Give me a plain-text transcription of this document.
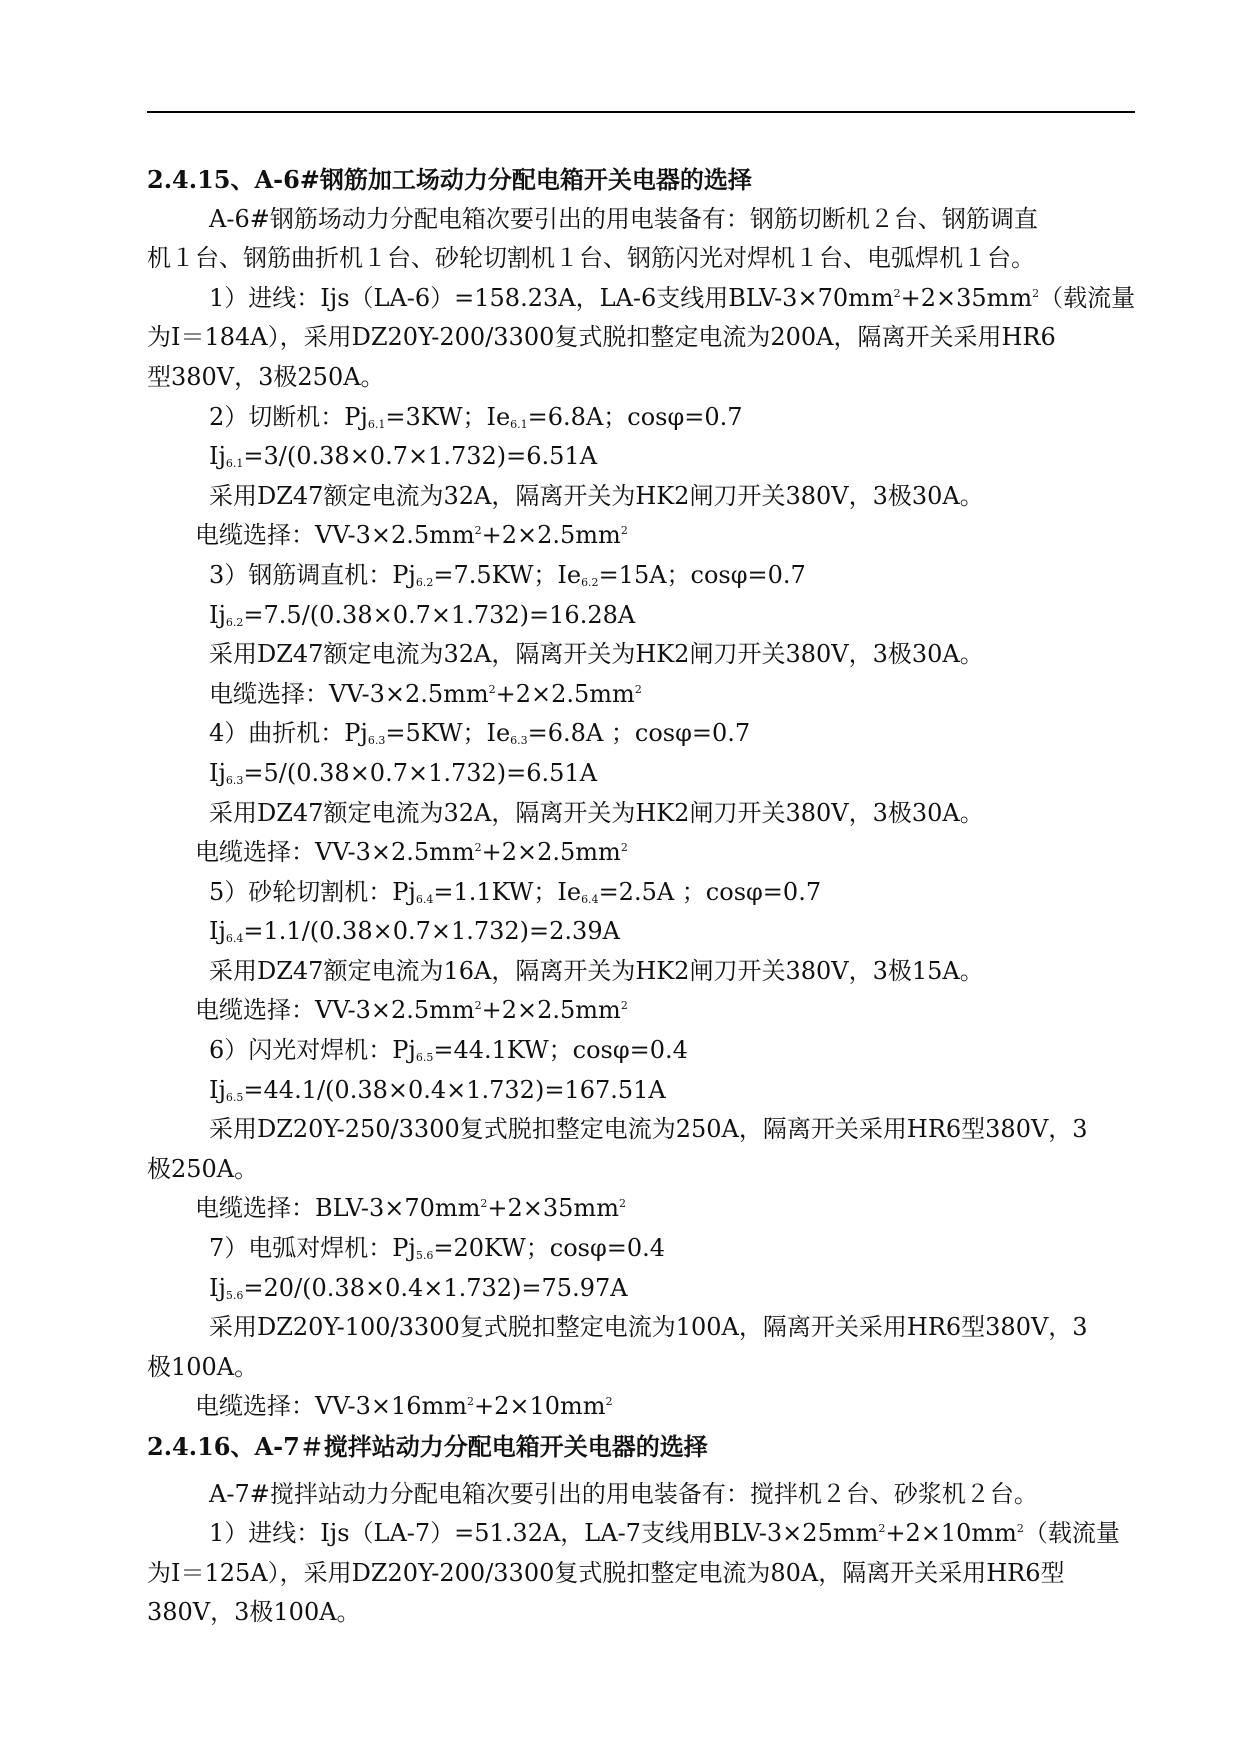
2.4.15、A-6#钢筋加工场动力分配电箱开关电器的选择
A-6#钢筋场动力分配电箱次要引出的用电装备有：钢筋切断机２台、钢筋调直
机１台、钢筋曲折机１台、砂轮切割机１台、钢筋闪光对焊机１台、电弧焊机１台。
1）进线：Ijs（LA-6）=158.23A，LA-6支线用BLV-$3\times 70mm^2+2\times 35mm^2$（载流量
为I＝184A），采用DZ20Y-200/3300复式脱扣整定电流为200A，隔离开关采用HR6
型380V，3极250A。
2）切断机：$Pj_{6.1}=3KW$；$Ie_{6.1}=6.8A$；cosφ=0.7
$Ij_{6.1}=3/(0.38\times 0.7\times 1.732)=6.51A$
采用DZ47额定电流为32A，隔离开关为HK2闸刀开关380V，3极30A。
电缆选择：$VV-3\times 2.5mm^2+2\times 2.5mm^2$
3）钢筋调直机：$Pj_{6.2}=7.5KW$；$Ie_{6.2}=15A$；cosφ=0.7
$Ij_{6.2}=7.5/(0.38\times 0.7\times 1.732)=16.28A$
采用DZ47额定电流为32A，隔离开关为HK2闸刀开关380V，3极30A。
电缆选择：$VV-3\times 2.5mm^2+2\times 2.5mm^2$
4）曲折机：$Pj_{6.3}=5KW$；$Ie_{6.3}=6.8A$ ；cosφ=0.7
$Ij_{6.3}=5/(0.38\times 0.7\times 1.732)=6.51A$
采用DZ47额定电流为32A，隔离开关为HK2闸刀开关380V，3极30A。
电缆选择：$VV-3\times 2.5mm^2+2\times 2.5mm^2$
5）砂轮切割机：$Pj_{6.4}=1.1KW$；$Ie_{6.4}=2.5A$ ；cosφ=0.7
$Ij_{6.4}=1.1/(0.38\times 0.7\times 1.732)=2.39A$
采用DZ47额定电流为16A，隔离开关为HK2闸刀开关380V，3极15A。
电缆选择：$VV-3\times 2.5mm^2+2\times 2.5mm^2$
6）闪光对焊机：$Pj_{6.5}=44.1KW$；cosφ=0.4
$Ij_{6.5}=44.1/(0.38\times 0.4\times 1.732)=167.51A$
采用DZ20Y-250/3300复式脱扣整定电流为250A，隔离开关采用HR6型380V，3
极250A。
电缆选择：BLV-$3\times 70mm^2+2\times 35mm^2$
7）电弧对焊机：$Pj_{5.6}=20KW$；cosφ=0.4
$Ij_{5.6}=20/(0.38\times 0.4\times 1.732)=75.97A$
采用DZ20Y-100/3300复式脱扣整定电流为100A，隔离开关采用HR6型380V，3
极100A。
电缆选择：$VV-3\times 16mm^2+2\times 10mm^2$
2.4.16、A-7＃搅拌站动力分配电箱开关电器的选择
A-7#搅拌站动力分配电箱次要引出的用电装备有：搅拌机２台、砂浆机２台。
1）进线：Ijs（LA-7）=51.32A，LA-7支线用BLV-$3\times 25mm^2+2\times 10mm^2$（载流量
为I＝125A），采用DZ20Y-200/3300复式脱扣整定电流为80A，隔离开关采用HR6型
380V，3极100A。
